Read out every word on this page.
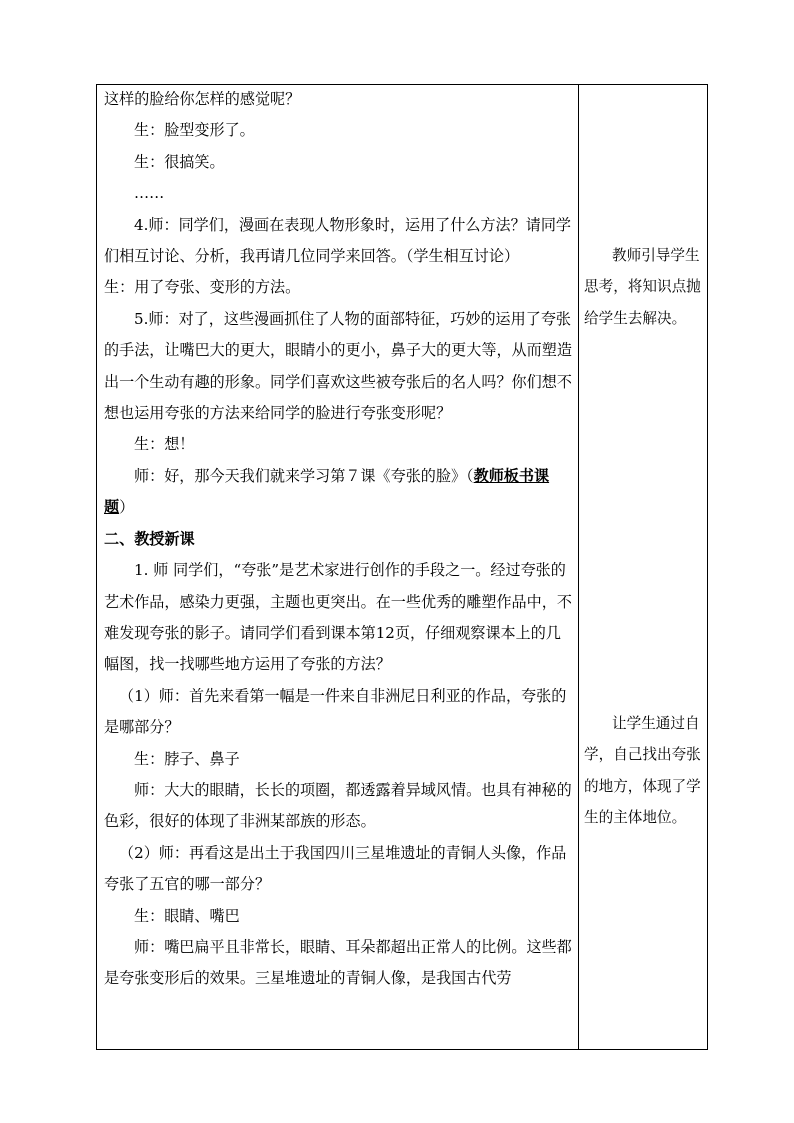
这样的脸给你怎样的感觉呢？

生：脸型变形了。

生：很搞笑。

……

4.师：同学们，漫画在表现人物形象时，运用了什么方法？请同学们相互讨论、分析，我再请几位同学来回答。（学生相互讨论）

生：用了夸张、变形的方法。

5.师：对了，这些漫画抓住了人物的面部特征，巧妙的运用了夸张的手法，让嘴巴大的更大，眼睛小的更小，鼻子大的更大等，从而塑造出一个生动有趣的形象。同学们喜欢这些被夸张后的名人吗？你们想不想也运用夸张的方法来给同学的脸进行夸张变形呢？

生：想！

师：好，那今天我们就来学习第７课《夸张的脸》（教师板书课题）

二、教授新课

1. 师 同学们，“夸张”是艺术家进行创作的手段之一。经过夸张的艺术作品，感染力更强，主题也更突出。在一些优秀的雕塑作品中，不难发现夸张的影子。请同学们看到课本第12页，仔细观察课本上的几幅图，找一找哪些地方运用了夸张的方法？

（1）师：首先来看第一幅是一件来自非洲尼日利亚的作品，夸张的是哪部分？

生：脖子、鼻子

师：大大的眼睛，长长的项圈，都透露着异域风情。也具有神秘的色彩，很好的体现了非洲某部族的形态。

（2）师：再看这是出土于我国四川三星堆遗址的青铜人头像，作品夸张了五官的哪一部分？

生：眼睛、嘴巴

师：嘴巴扁平且非常长，眼睛、耳朵都超出正常人的比例。这些都是夸张变形后的效果。三星堆遗址的青铜人像，是我国古代劳

教师引导学生思考，将知识点抛给学生去解决。

让学生通过自学，自己找出夸张的地方，体现了学生的主体地位。
